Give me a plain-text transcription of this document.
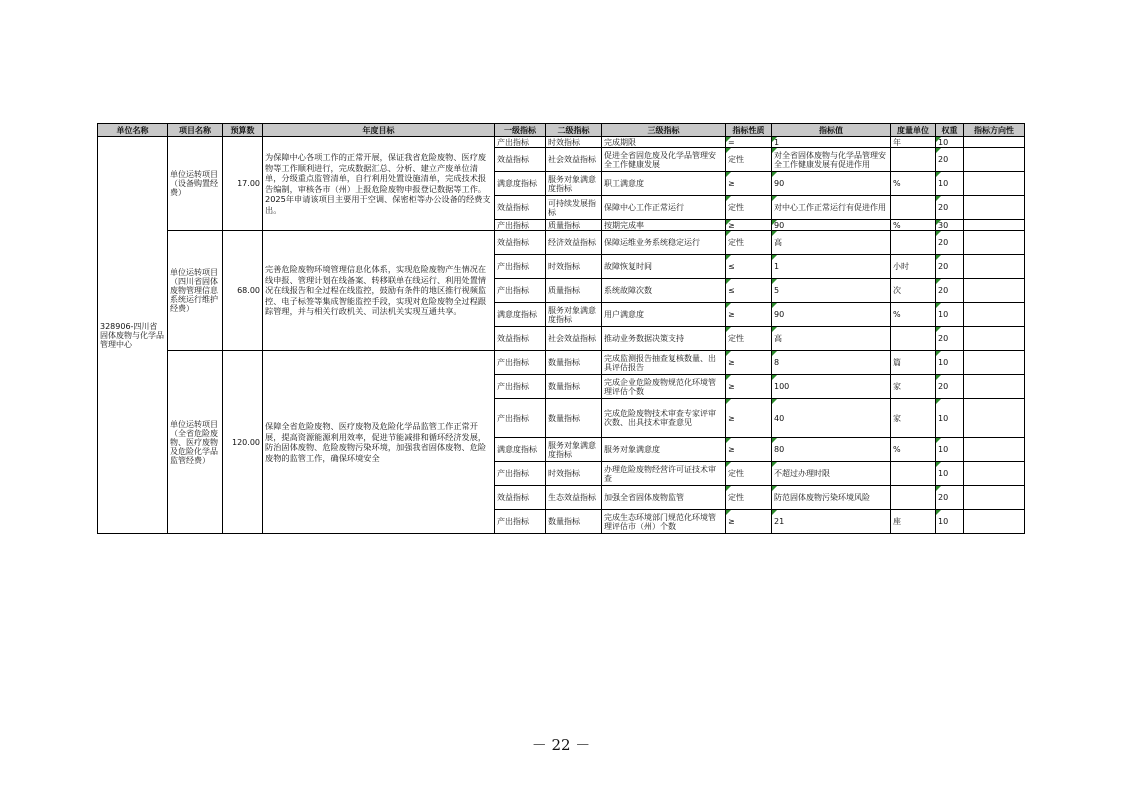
单位名称	项目名称	预算数	年度目标	一级指标	二级指标	三级指标	指标性质	指标值	度量单位	权重	指标方向性
328906-四川省固体废物与化学品管理中心	单位运转项目（设备购置经费）	17.00	为保障中心各项工作的正常开展，保证我省危险废物、医疗废物等工作顺利进行，完成数据汇总、分析、建立产废单位清单，分级重点监管清单，自行利用处置设施清单，完成技术报告编制，审核各市（州）上报危险废物申报登记数据等工作。2025年申请该项目主要用于空调、保密柜等办公设备的经费支出。	产出指标	时效指标	完成期限	=	1	年	10	
				效益指标	社会效益指标	促进全省固危废及化学品管理安全工作健康发展	定性	对全省固体废物与化学品管理安全工作健康发展有促进作用		20	
				满意度指标	服务对象满意度指标	职工满意度	≥	90	%	10	
				效益指标	可持续发展指标	保障中心工作正常运行	定性	对中心工作正常运行有促进作用		20	
				产出指标	质量指标	按期完成率	≥	90	%	30	
	单位运转项目（四川省固体废物管理信息系统运行维护经费）	68.00	完善危险废物环境管理信息化体系，实现危险废物产生情况在线申报、管理计划在线备案、转移联单在线运行、利用处置情况在线报告和全过程在线监控，鼓励有条件的地区推行视频监控、电子标签等集成智能监控手段，实现对危险废物全过程跟踪管理，并与相关行政机关、司法机关实现互通共享。	效益指标	经济效益指标	保障运维业务系统稳定运行	定性	高		20	
				产出指标	时效指标	故障恢复时间	≤	1	小时	20	
				产出指标	质量指标	系统故障次数	≤	5	次	20	
				满意度指标	服务对象满意度指标	用户满意度	≥	90	%	10	
				效益指标	社会效益指标	推动业务数据决策支持	定性	高		20	
	单位运转项目（全省危险废物、医疗废物及危险化学品监管经费）	120.00	保障全省危险废物、医疗废物及危险化学品监管工作正常开展，提高资源能源利用效率，促进节能减排和循环经济发展，防治固体废物、危险废物污染环境，加强我省固体废物、危险废物的监管工作，确保环境安全	产出指标	数量指标	完成监测报告抽查复核数量、出具评估报告	≥	8	篇	10	
				产出指标	数量指标	完成企业危险废物规范化环境管理评估个数	≥	100	家	20	
				产出指标	数量指标	完成危险废物技术审查专家评审次数、出具技术审查意见	≥	40	家	10	
				满意度指标	服务对象满意度指标	服务对象满意度	≥	80	%	10	
				产出指标	时效指标	办理危险废物经营许可证技术审查	定性	不超过办理时限		10	
				效益指标	生态效益指标	加强全省固体废物监管	定性	防范固体废物污染环境风险		20	
				产出指标	数量指标	完成生态环境部门规范化环境管理评估市（州）个数	≥	21	座	10	
－ 22 －
